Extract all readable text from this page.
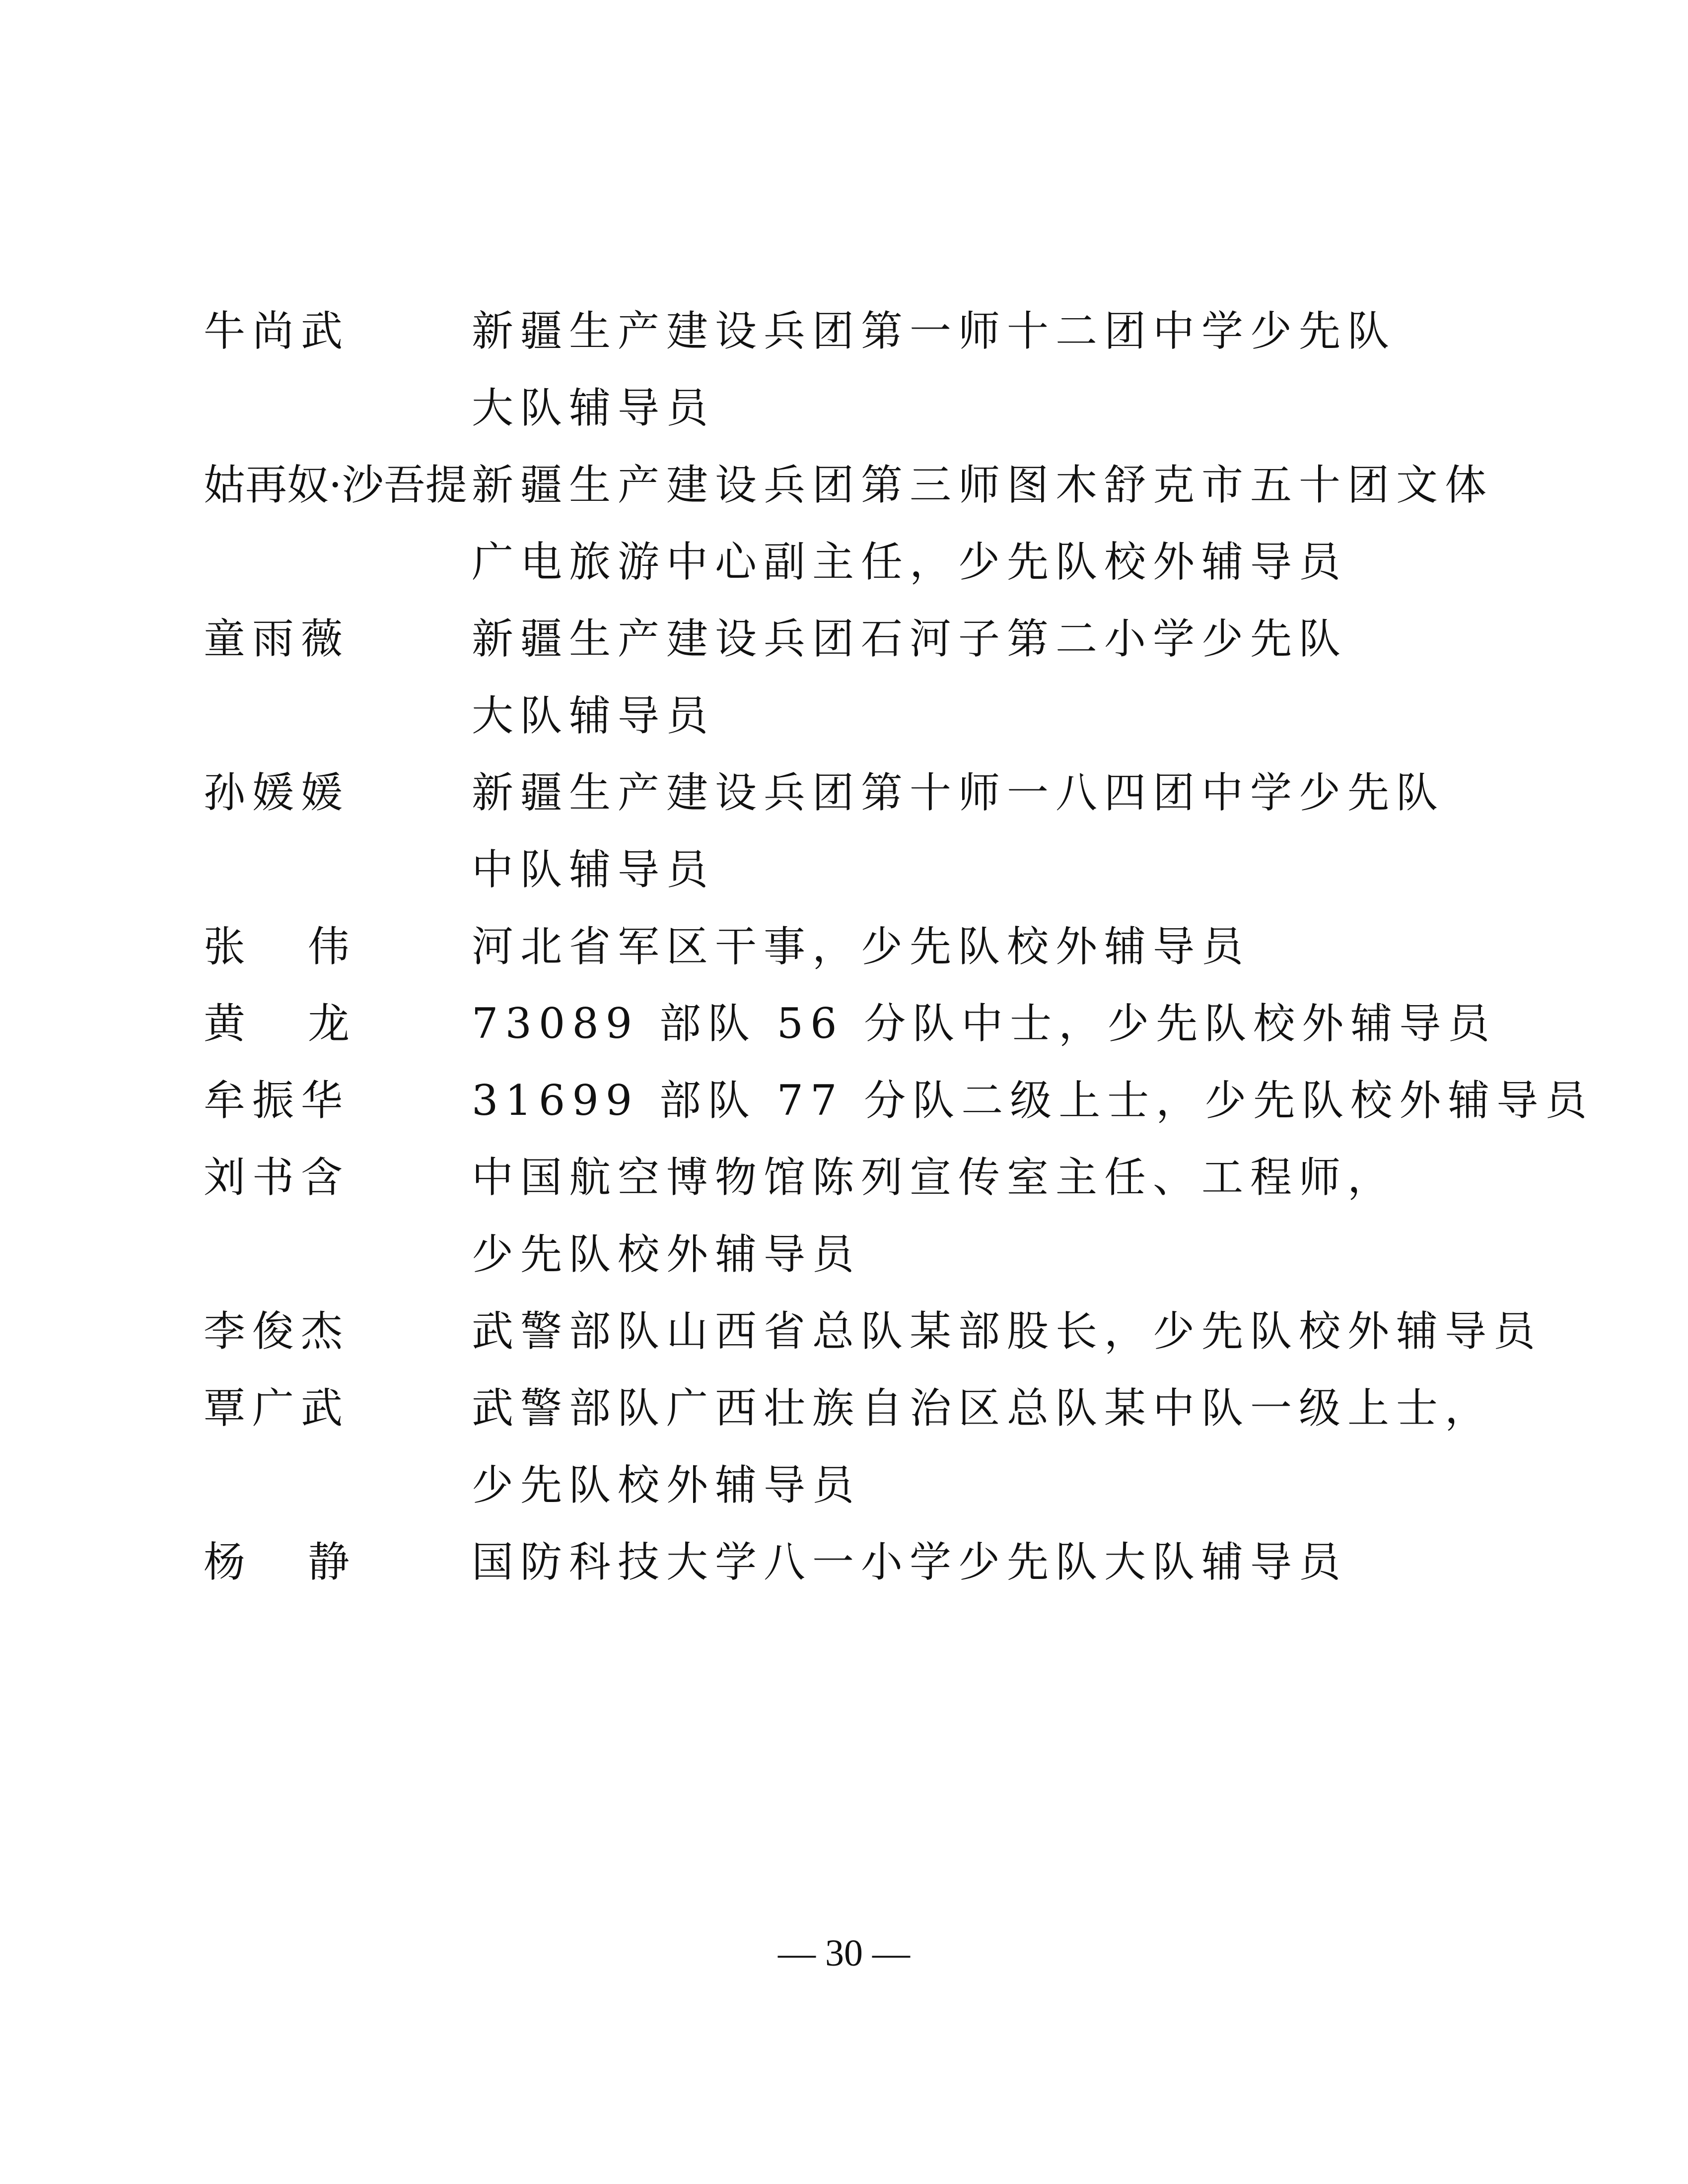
牛尚武	新疆生产建设兵团第一师十二团中学少先队
大队辅导员
姑再奴·沙吾提 新疆生产建设兵团第三师图木舒克市五十团文体
广电旅游中心副主任，少先队校外辅导员
童雨薇	新疆生产建设兵团石河子第二小学少先队
大队辅导员
孙媛媛	新疆生产建设兵团第十师一八四团中学少先队
中队辅导员
张 伟	河北省军区干事，少先队校外辅导员
黄 龙	73089 部队 56 分队中士，少先队校外辅导员
牟振华	31699 部队 77 分队二级上士，少先队校外辅导员
刘书含	中国航空博物馆陈列宣传室主任、工程师，
少先队校外辅导员
李俊杰	武警部队山西省总队某部股长，少先队校外辅导员
覃广武	武警部队广西壮族自治区总队某中队一级上士，
少先队校外辅导员
杨 静	国防科技大学八一小学少先队大队辅导员
— 30 —
